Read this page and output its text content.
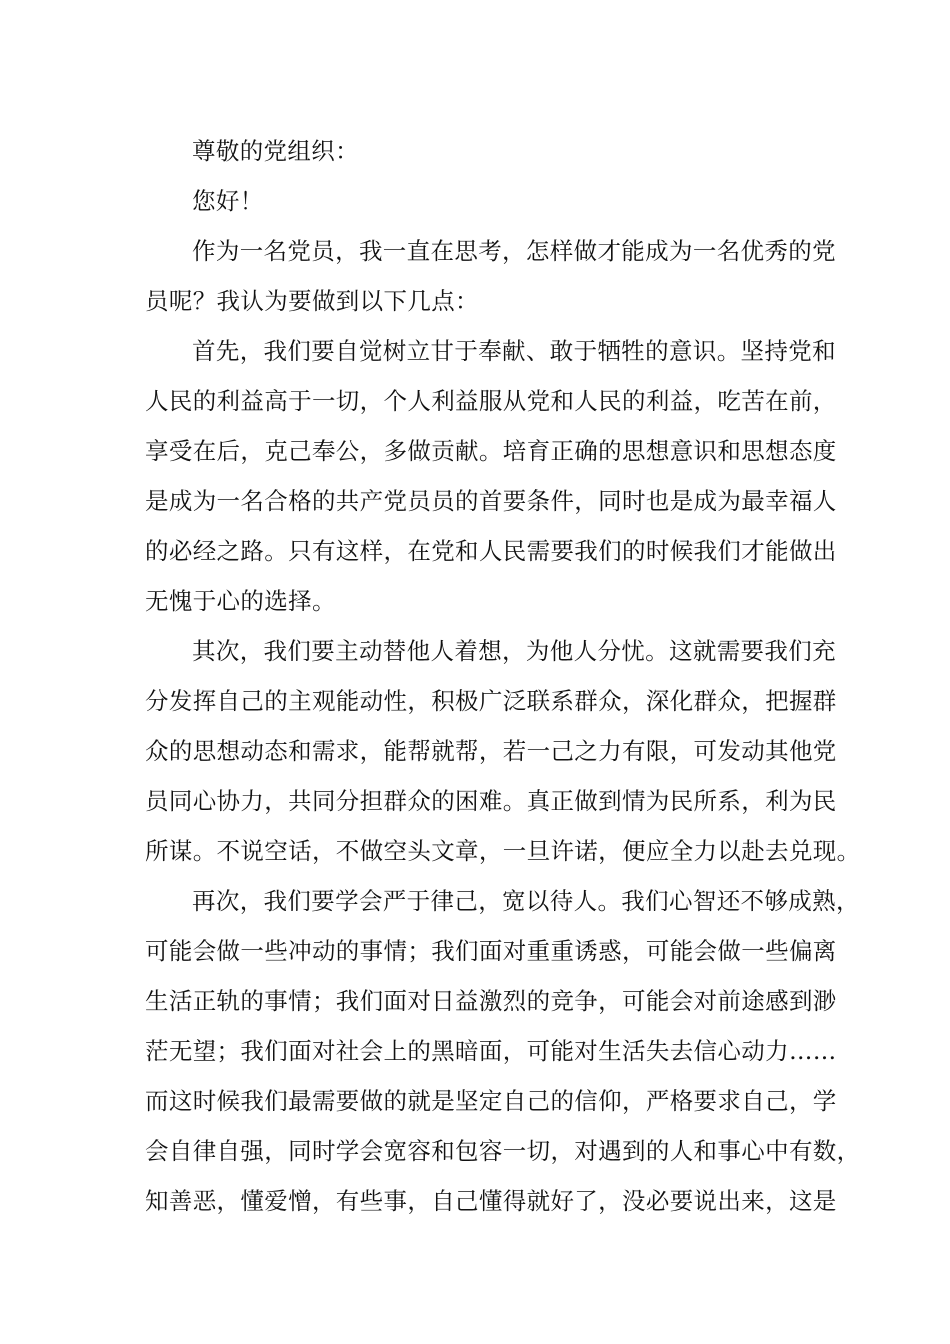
尊敬的党组织：
您好！
作为一名党员，我一直在思考，怎样做才能成为一名优秀的党
员呢？我认为要做到以下几点：
首先，我们要自觉树立甘于奉献、敢于牺牲的意识。坚持党和
人民的利益高于一切，个人利益服从党和人民的利益，吃苦在前，
享受在后，克己奉公，多做贡献。培育正确的思想意识和思想态度
是成为一名合格的共产党员员的首要条件，同时也是成为最幸福人
的必经之路。只有这样，在党和人民需要我们的时候我们才能做出
无愧于心的选择。
其次，我们要主动替他人着想，为他人分忧。这就需要我们充
分发挥自己的主观能动性，积极广泛联系群众，深化群众，把握群
众的思想动态和需求，能帮就帮，若一己之力有限，可发动其他党
员同心协力，共同分担群众的困难。真正做到情为民所系，利为民
所谋。不说空话，不做空头文章，一旦许诺，便应全力以赴去兑现。
再次，我们要学会严于律己，宽以待人。我们心智还不够成熟，
可能会做一些冲动的事情；我们面对重重诱惑，可能会做一些偏离
生活正轨的事情；我们面对日益激烈的竞争，可能会对前途感到渺
茫无望；我们面对社会上的黑暗面，可能对生活失去信心动力……
而这时候我们最需要做的就是坚定自己的信仰，严格要求自己，学
会自律自强，同时学会宽容和包容一切，对遇到的人和事心中有数，
知善恶，懂爱憎，有些事，自己懂得就好了，没必要说出来，这是
